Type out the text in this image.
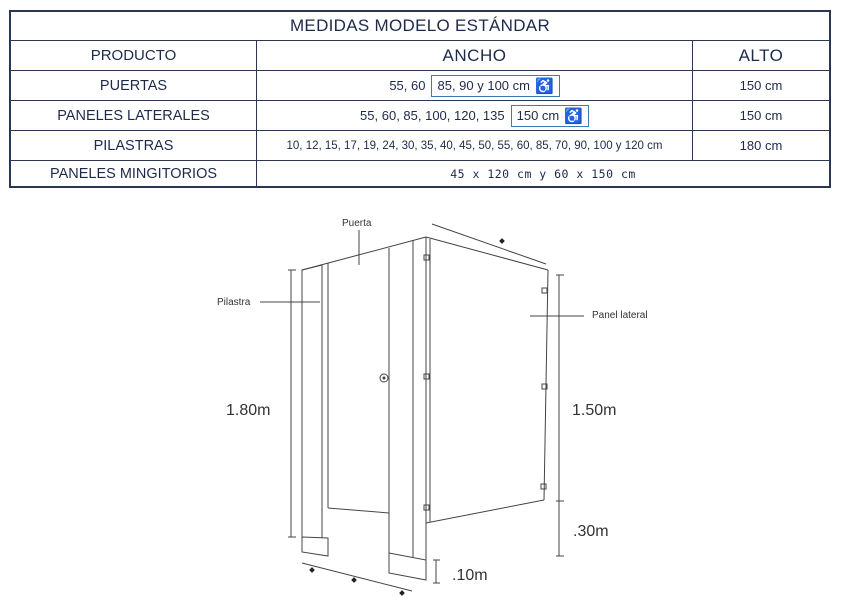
MEDIDAS MODELO ESTÁNDAR
PRODUCTO	ANCHO	ALTO
PUERTAS	55, 60 85, 90 y 100 cm ♿	150 cm
PANELES LATERALES	55, 60, 85, 100, 120, 135 150 cm ♿	150 cm
PILASTRAS	10, 12, 15, 17, 19, 24, 30, 35, 40, 45, 50, 55, 60, 85, 70, 90, 100 y 120 cm	180 cm
PANELES MINGITORIOS	45 x 120 cm y 60 x 150 cm
Puerta
Pilastra
Panel lateral
1.80m	1.50m
.30m
.10m
